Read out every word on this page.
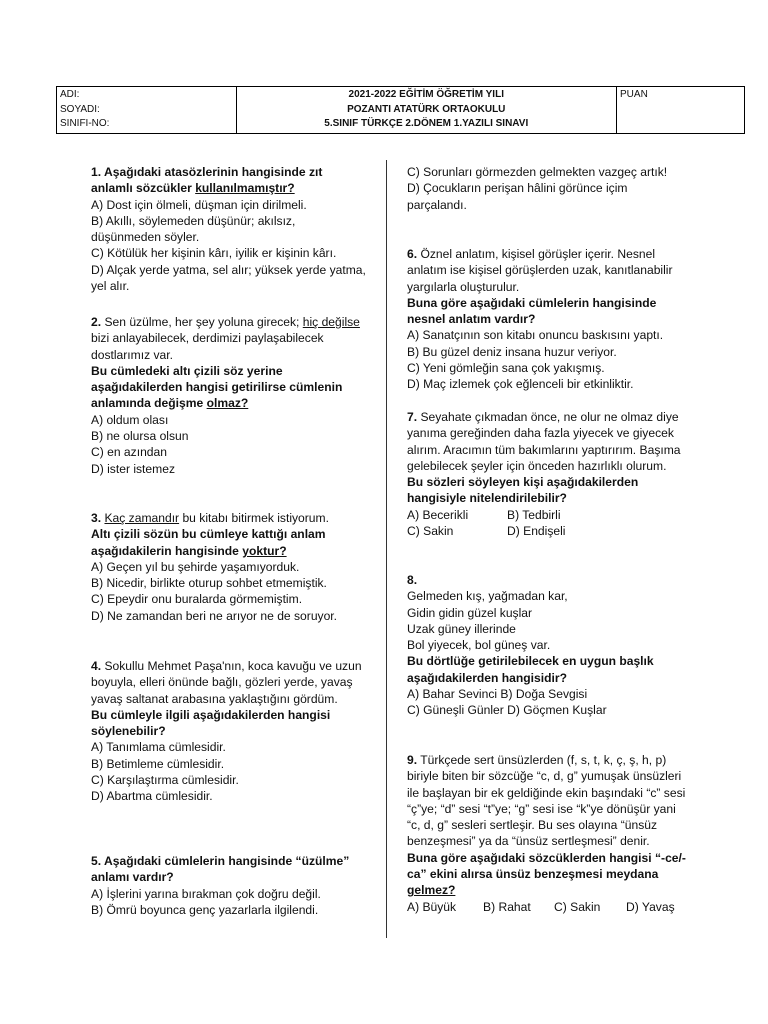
ADI:
SOYADI:
SINIFI-NO:

2021-2022 EĞİTİM ÖĞRETİM YILI
POZANTI ATATÜRK ORTAOKULU
5.SINIF TÜRKÇE 2.DÖNEM 1.YAZILI SINAVI

PUAN

1. Aşağıdaki atasözlerinin hangisinde zıt anlamlı sözcükler kullanılmamıştır?

A) Dost için ölmeli, düşman için dirilmeli.

B) Akıllı, söylemeden düşünür; akılsız, düşünmeden söyler.

C) Kötülük her kişinin kârı, iyilik er kişinin kârı.

D) Alçak yerde yatma, sel alır; yüksek yerde yatma, yel alır.

2. Sen üzülme, her şey yoluna girecek; hiç değilse bizi anlayabilecek, derdimizi paylaşabilecek dostlarımız var.

Bu cümledeki altı çizili söz yerine aşağıdakilerden hangisi getirilirse cümlenin anlamında değişme olmaz?

A) oldum olası

B) ne olursa olsun

C) en azından

D) ister istemez

3. Kaç zamandır bu kitabı bitirmek istiyorum.

Altı çizili sözün bu cümleye kattığı anlam aşağıdakilerin hangisinde yoktur?

A) Geçen yıl bu şehirde yaşamıyorduk.

B) Nicedir, birlikte oturup sohbet etmemiştik.

C) Epeydir onu buralarda görmemiştim.

D) Ne zamandan beri ne arıyor ne de soruyor.

4. Sokullu Mehmet Paşa'nın, koca kavuğu ve uzun boyuyla, elleri önünde bağlı, gözleri yerde, yavaş yavaş saltanat arabasına yaklaştığını gördüm.

Bu cümleyle ilgili aşağıdakilerden hangisi söylenebilir?

A) Tanımlama cümlesidir.

B) Betimleme cümlesidir.

C) Karşılaştırma cümlesidir.

D) Abartma cümlesidir.

5. Aşağıdaki cümlelerin hangisinde “üzülme” anlamı vardır?

A) İşlerini yarına bırakman çok doğru değil.

B) Ömrü boyunca genç yazarlarla ilgilendi.

C) Sorunları görmezden gelmekten vazgeç artık!

D) Çocukların perişan hâlini görünce içim parçalandı.

6. Öznel anlatım, kişisel görüşler içerir. Nesnel anlatım ise kişisel görüşlerden uzak, kanıtlanabilir yargılarla oluşturulur.

Buna göre aşağıdaki cümlelerin hangisinde nesnel anlatım vardır?

A) Sanatçının son kitabı onuncu baskısını yaptı.

B) Bu güzel deniz insana huzur veriyor.

C) Yeni gömleğin sana çok yakışmış.

D) Maç izlemek çok eğlenceli bir etkinliktir.

7. Seyahate çıkmadan önce, ne olur ne olmaz diye yanıma gereğinden daha fazla yiyecek ve giyecek alırım. Aracımın tüm bakımlarını yaptırırım. Başıma gelebilecek şeyler için önceden hazırlıklı olurum.

Bu sözleri söyleyen kişi aşağıdakilerden hangisiyle nitelendirilebilir?

A) Becerikli	B) Tedbirli
C) Sakin	D) Endişeli

8.

Gelmeden kış, yağmadan kar,

Gidin gidin güzel kuşlar

Uzak güney illerinde

Bol yiyecek, bol güneş var.

Bu dörtlüğe getirilebilecek en uygun başlık aşağıdakilerden hangisidir?

A) Bahar Sevinci B) Doğa Sevgisi

C) Güneşli Günler D) Göçmen Kuşlar

9. Türkçede sert ünsüzlerden (f, s, t, k, ç, ş, h, p) biriyle biten bir sözcüğe “c, d, g” yumuşak ünsüzleri ile başlayan bir ek geldiğinde ekin başındaki “c” sesi “ç”ye; “d” sesi “t”ye; “g” sesi ise “k”ye dönüşür yani “c, d, g” sesleri sertleşir. Bu ses olayına “ünsüz benzeşmesi” ya da “ünsüz sertleşmesi” denir.

Buna göre aşağıdaki sözcüklerden hangisi “-ce/-ca” ekini alırsa ünsüz benzeşmesi meydana gelmez?

A) Büyük	B) Rahat	C) Sakin	D) Yavaş
